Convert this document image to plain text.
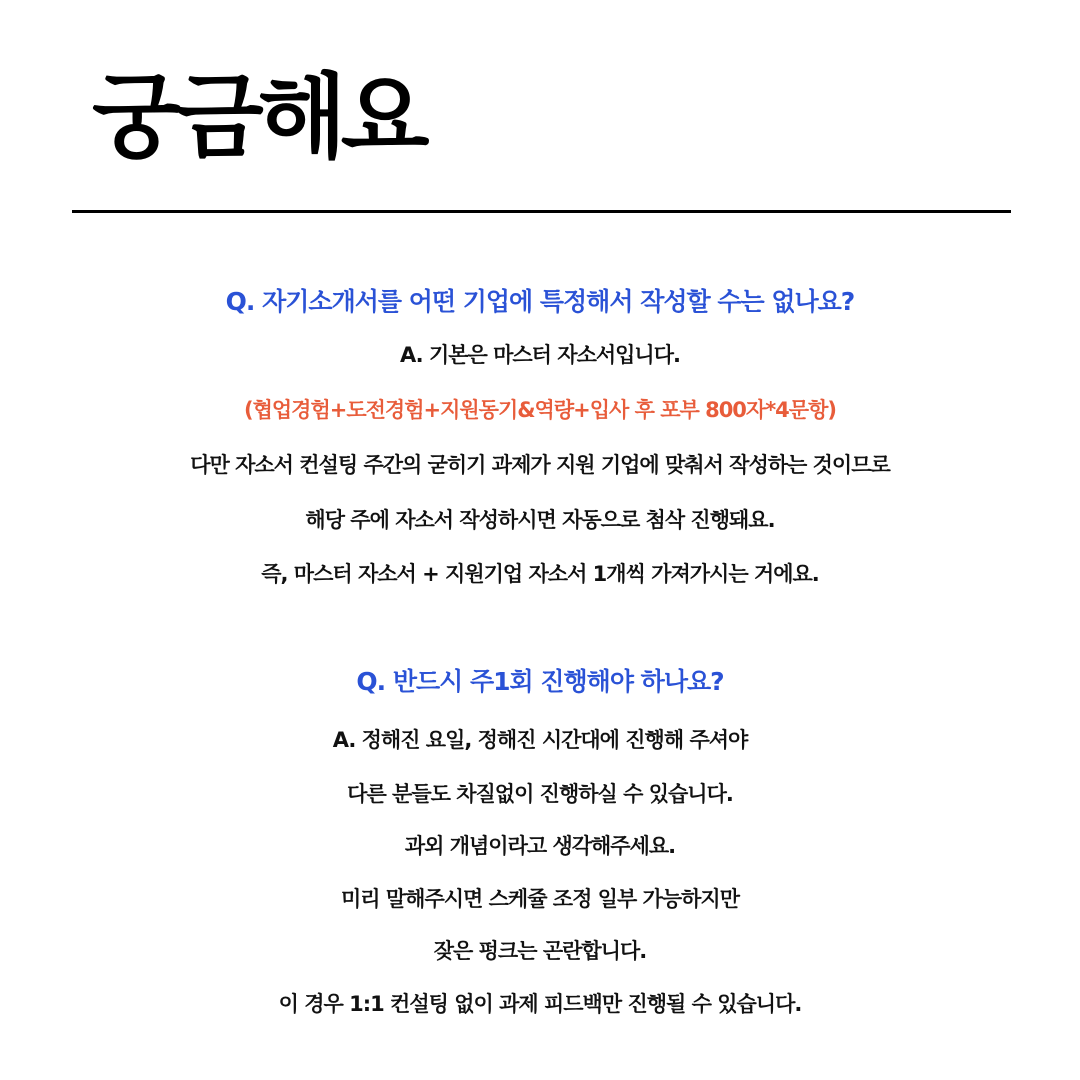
궁금해요
Q. 자기소개서를 어떤 기업에 특정해서 작성할 수는 없나요?
A. 기본은 마스터 자소서입니다.
(협업경험+도전경험+지원동기&역량+입사 후 포부 800자*4문항)
다만 자소서 컨설팅 주간의 굳히기 과제가 지원 기업에 맞춰서 작성하는 것이므로
해당 주에 자소서 작성하시면 자동으로 첨삭 진행돼요.
즉, 마스터 자소서 + 지원기업 자소서 1개씩 가져가시는 거에요.
Q. 반드시 주1회 진행해야 하나요?
A. 정해진 요일, 정해진 시간대에 진행해 주셔야
다른 분들도 차질없이 진행하실 수 있습니다.
과외 개념이라고 생각해주세요.
미리 말해주시면 스케쥴 조정 일부 가능하지만
잦은 펑크는 곤란합니다.
이 경우 1:1 컨설팅 없이 과제 피드백만 진행될 수 있습니다.
